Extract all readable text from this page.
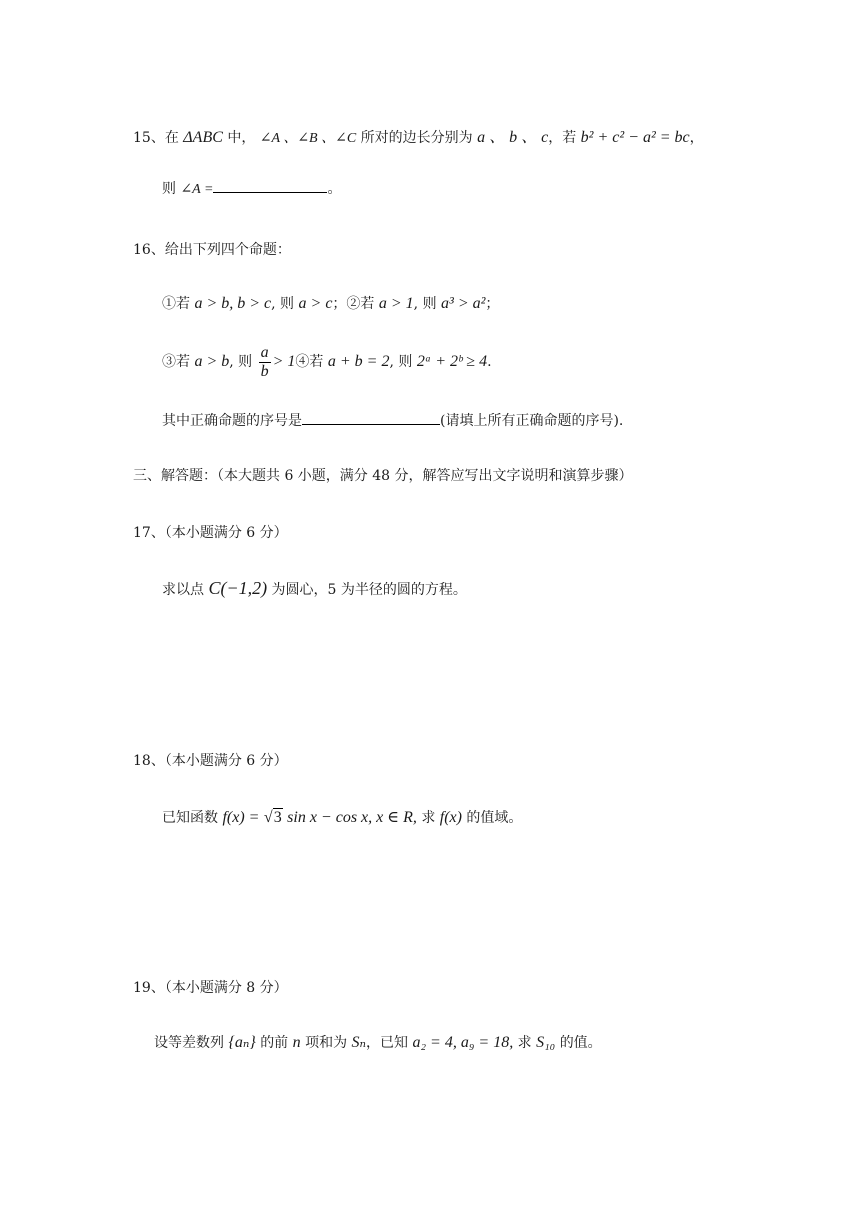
15、在 ΔABC 中， ∠A 、∠B 、∠C 所对的边长分别为 a 、 b 、 c，若 b² + c² − a² = bc，
则 ∠A =	。
16、给出下列四个命题：
①若 a > b, b > c, 则 a > c；②若 a > 1, 则 a³ > a²；
③若 a > b, 则 $\frac{a}{b}$ > 1④若 a + b = 2, 则 2ᵃ + 2ᵇ ≥ 4.
其中正确命题的序号是	(请填上所有正确命题的序号).
三、解答题：（本大题共 6 小题，满分 48 分，解答应写出文字说明和演算步骤）
17、（本小题满分 6 分）
求以点 C(−1,2) 为圆心，5 为半径的圆的方程。
18、（本小题满分 6 分）
已知函数 f(x) = √3 sin x − cos x, x ∈ R, 求 f(x) 的值域。
19、（本小题满分 8 分）
设等差数列 {aₙ} 的前 n 项和为 Sₙ，已知 a₂ = 4, a₉ = 18, 求 S₁₀ 的值。
